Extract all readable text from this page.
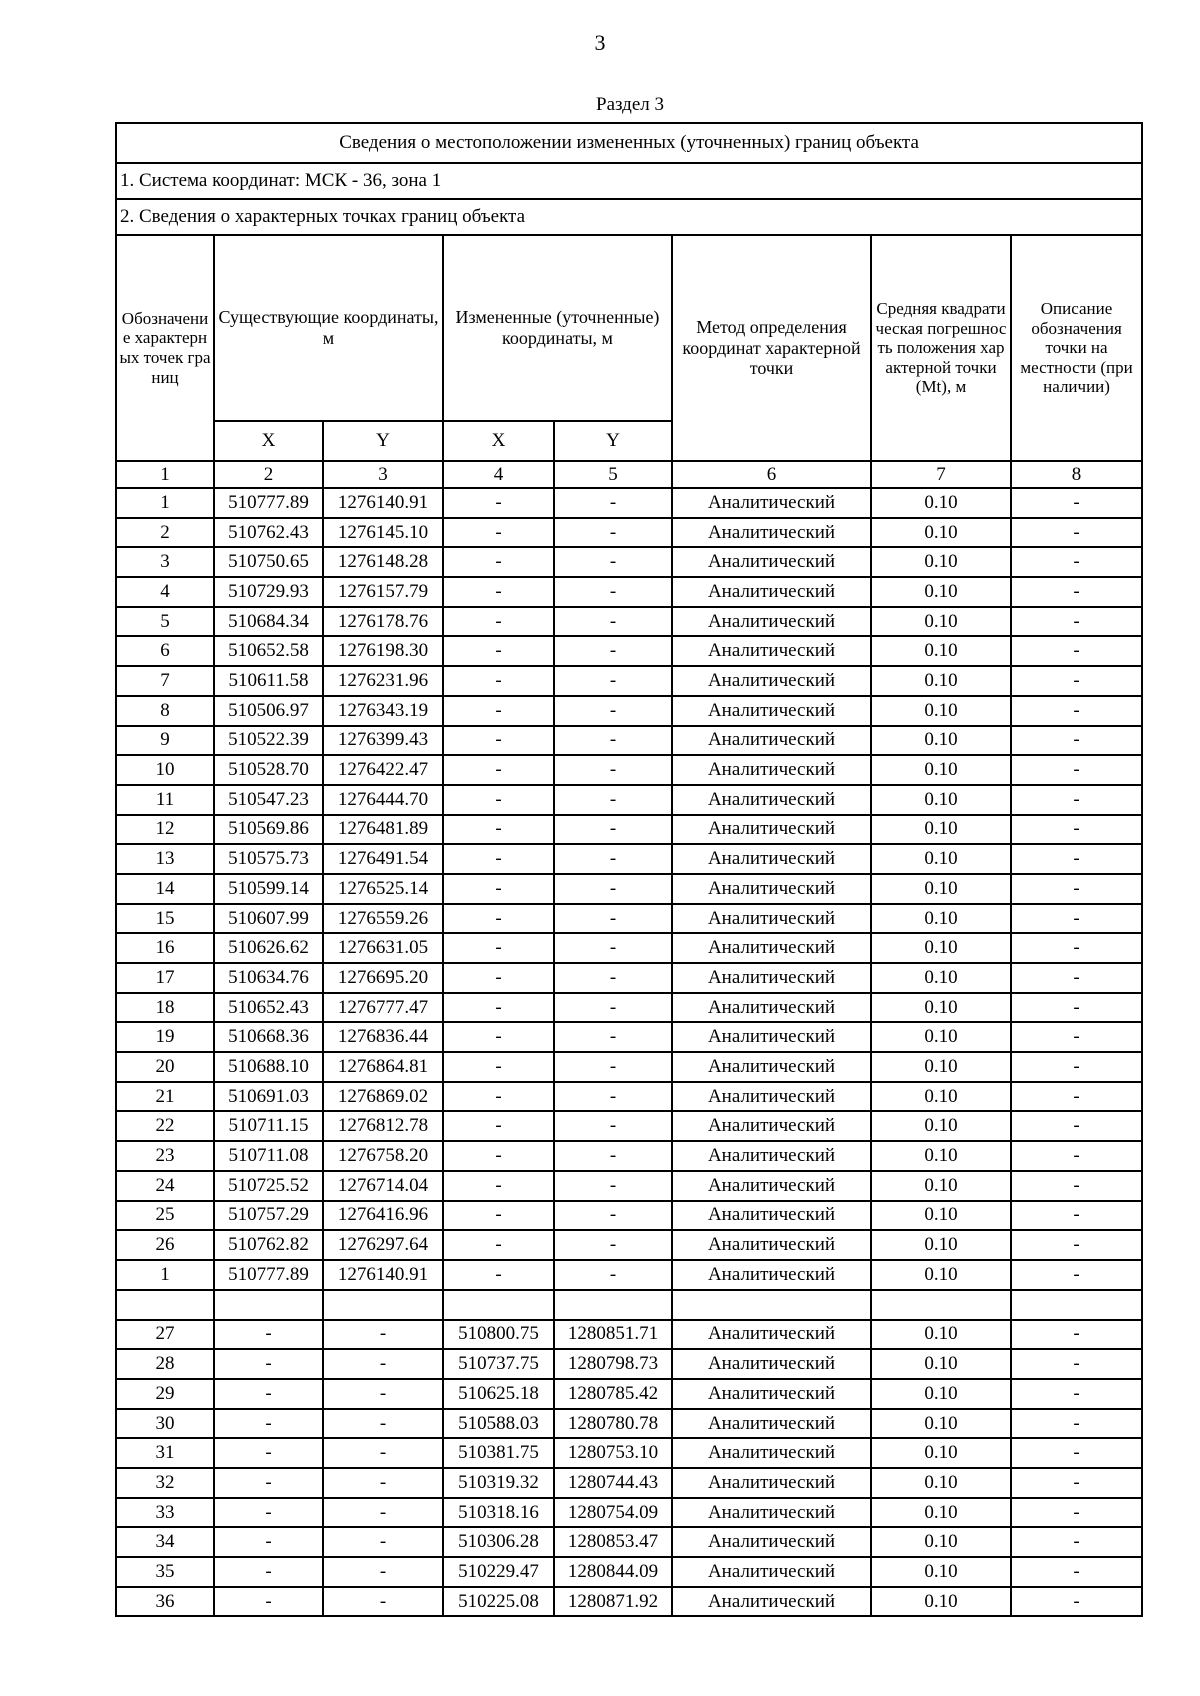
3
Раздел 3
Сведения о местоположении измененных (уточненных) границ объекта							
1. Система координат: МСК - 36, зона 1							
2. Сведения о характерных точках границ объекта							
Обозначение характерных точек границ	Существующие координаты, м		Измененные (уточненные) координаты, м		Метод определения координат характерной точки	Средняя квадратическая погрешность положения характерной точки (Mt), м	Описание обозначения точки на местности (при наличии)
	X	Y	X	Y			
1	2	3	4	5	6	7	8
1	510777.89	1276140.91	-	-	Аналитический	0.10	-
2	510762.43	1276145.10	-	-	Аналитический	0.10	-
3	510750.65	1276148.28	-	-	Аналитический	0.10	-
4	510729.93	1276157.79	-	-	Аналитический	0.10	-
5	510684.34	1276178.76	-	-	Аналитический	0.10	-
6	510652.58	1276198.30	-	-	Аналитический	0.10	-
7	510611.58	1276231.96	-	-	Аналитический	0.10	-
8	510506.97	1276343.19	-	-	Аналитический	0.10	-
9	510522.39	1276399.43	-	-	Аналитический	0.10	-
10	510528.70	1276422.47	-	-	Аналитический	0.10	-
11	510547.23	1276444.70	-	-	Аналитический	0.10	-
12	510569.86	1276481.89	-	-	Аналитический	0.10	-
13	510575.73	1276491.54	-	-	Аналитический	0.10	-
14	510599.14	1276525.14	-	-	Аналитический	0.10	-
15	510607.99	1276559.26	-	-	Аналитический	0.10	-
16	510626.62	1276631.05	-	-	Аналитический	0.10	-
17	510634.76	1276695.20	-	-	Аналитический	0.10	-
18	510652.43	1276777.47	-	-	Аналитический	0.10	-
19	510668.36	1276836.44	-	-	Аналитический	0.10	-
20	510688.10	1276864.81	-	-	Аналитический	0.10	-
21	510691.03	1276869.02	-	-	Аналитический	0.10	-
22	510711.15	1276812.78	-	-	Аналитический	0.10	-
23	510711.08	1276758.20	-	-	Аналитический	0.10	-
24	510725.52	1276714.04	-	-	Аналитический	0.10	-
25	510757.29	1276416.96	-	-	Аналитический	0.10	-
26	510762.82	1276297.64	-	-	Аналитический	0.10	-
1	510777.89	1276140.91	-	-	Аналитический	0.10	-

27	-	-	510800.75	1280851.71	Аналитический	0.10	-
28	-	-	510737.75	1280798.73	Аналитический	0.10	-
29	-	-	510625.18	1280785.42	Аналитический	0.10	-
30	-	-	510588.03	1280780.78	Аналитический	0.10	-
31	-	-	510381.75	1280753.10	Аналитический	0.10	-
32	-	-	510319.32	1280744.43	Аналитический	0.10	-
33	-	-	510318.16	1280754.09	Аналитический	0.10	-
34	-	-	510306.28	1280853.47	Аналитический	0.10	-
35	-	-	510229.47	1280844.09	Аналитический	0.10	-
36	-	-	510225.08	1280871.92	Аналитический	0.10	-
